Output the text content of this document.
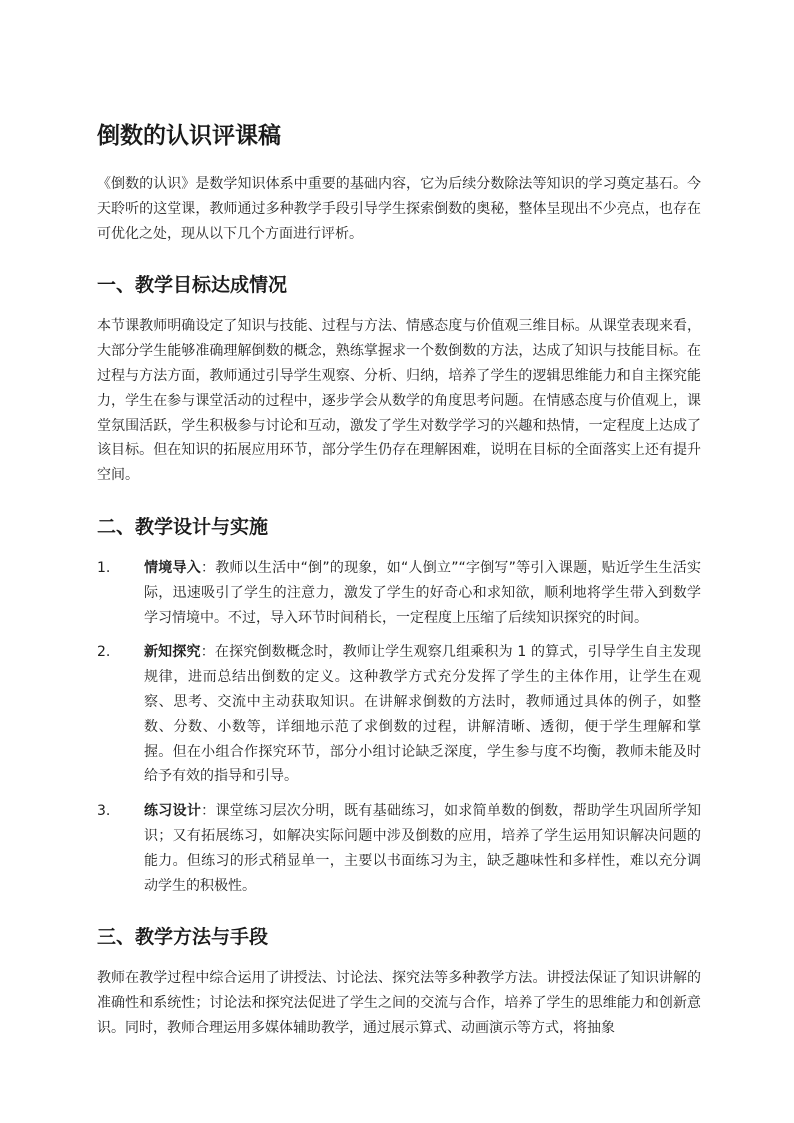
倒数的认识评课稿

《倒数的认识》是数学知识体系中重要的基础内容，它为后续分数除法等知识的学习奠定基石。今天聆听的这堂课，教师通过多种教学手段引导学生探索倒数的奥秘，整体呈现出不少亮点，也存在可优化之处，现从以下几个方面进行评析。

一、教学目标达成情况

本节课教师明确设定了知识与技能、过程与方法、情感态度与价值观三维目标。从课堂表现来看，大部分学生能够准确理解倒数的概念，熟练掌握求一个数倒数的方法，达成了知识与技能目标。在过程与方法方面，教师通过引导学生观察、分析、归纳，培养了学生的逻辑思维能力和自主探究能力，学生在参与课堂活动的过程中，逐步学会从数学的角度思考问题。在情感态度与价值观上，课堂氛围活跃，学生积极参与讨论和互动，激发了学生对数学学习的兴趣和热情，一定程度上达成了该目标。但在知识的拓展应用环节，部分学生仍存在理解困难，说明在目标的全面落实上还有提升空间。

二、教学设计与实施
1.	情境导入：教师以生活中“倒”的现象，如“人倒立”“字倒写”等引入课题，贴近学生生活实际，迅速吸引了学生的注意力，激发了学生的好奇心和求知欲，顺利地将学生带入到数学学习情境中。不过，导入环节时间稍长，一定程度上压缩了后续知识探究的时间。
2.	新知探究：在探究倒数概念时，教师让学生观察几组乘积为 1 的算式，引导学生自主发现规律，进而总结出倒数的定义。这种教学方式充分发挥了学生的主体作用，让学生在观察、思考、交流中主动获取知识。在讲解求倒数的方法时，教师通过具体的例子，如整数、分数、小数等，详细地示范了求倒数的过程，讲解清晰、透彻，便于学生理解和掌握。但在小组合作探究环节，部分小组讨论缺乏深度，学生参与度不均衡，教师未能及时给予有效的指导和引导。
3.	练习设计：课堂练习层次分明，既有基础练习，如求简单数的倒数，帮助学生巩固所学知识；又有拓展练习，如解决实际问题中涉及倒数的应用，培养了学生运用知识解决问题的能力。但练习的形式稍显单一，主要以书面练习为主，缺乏趣味性和多样性，难以充分调动学生的积极性。
三、教学方法与手段

教师在教学过程中综合运用了讲授法、讨论法、探究法等多种教学方法。讲授法保证了知识讲解的准确性和系统性；讨论法和探究法促进了学生之间的交流与合作，培养了学生的思维能力和创新意识。同时，教师合理运用多媒体辅助教学，通过展示算式、动画演示等方式，将抽象
